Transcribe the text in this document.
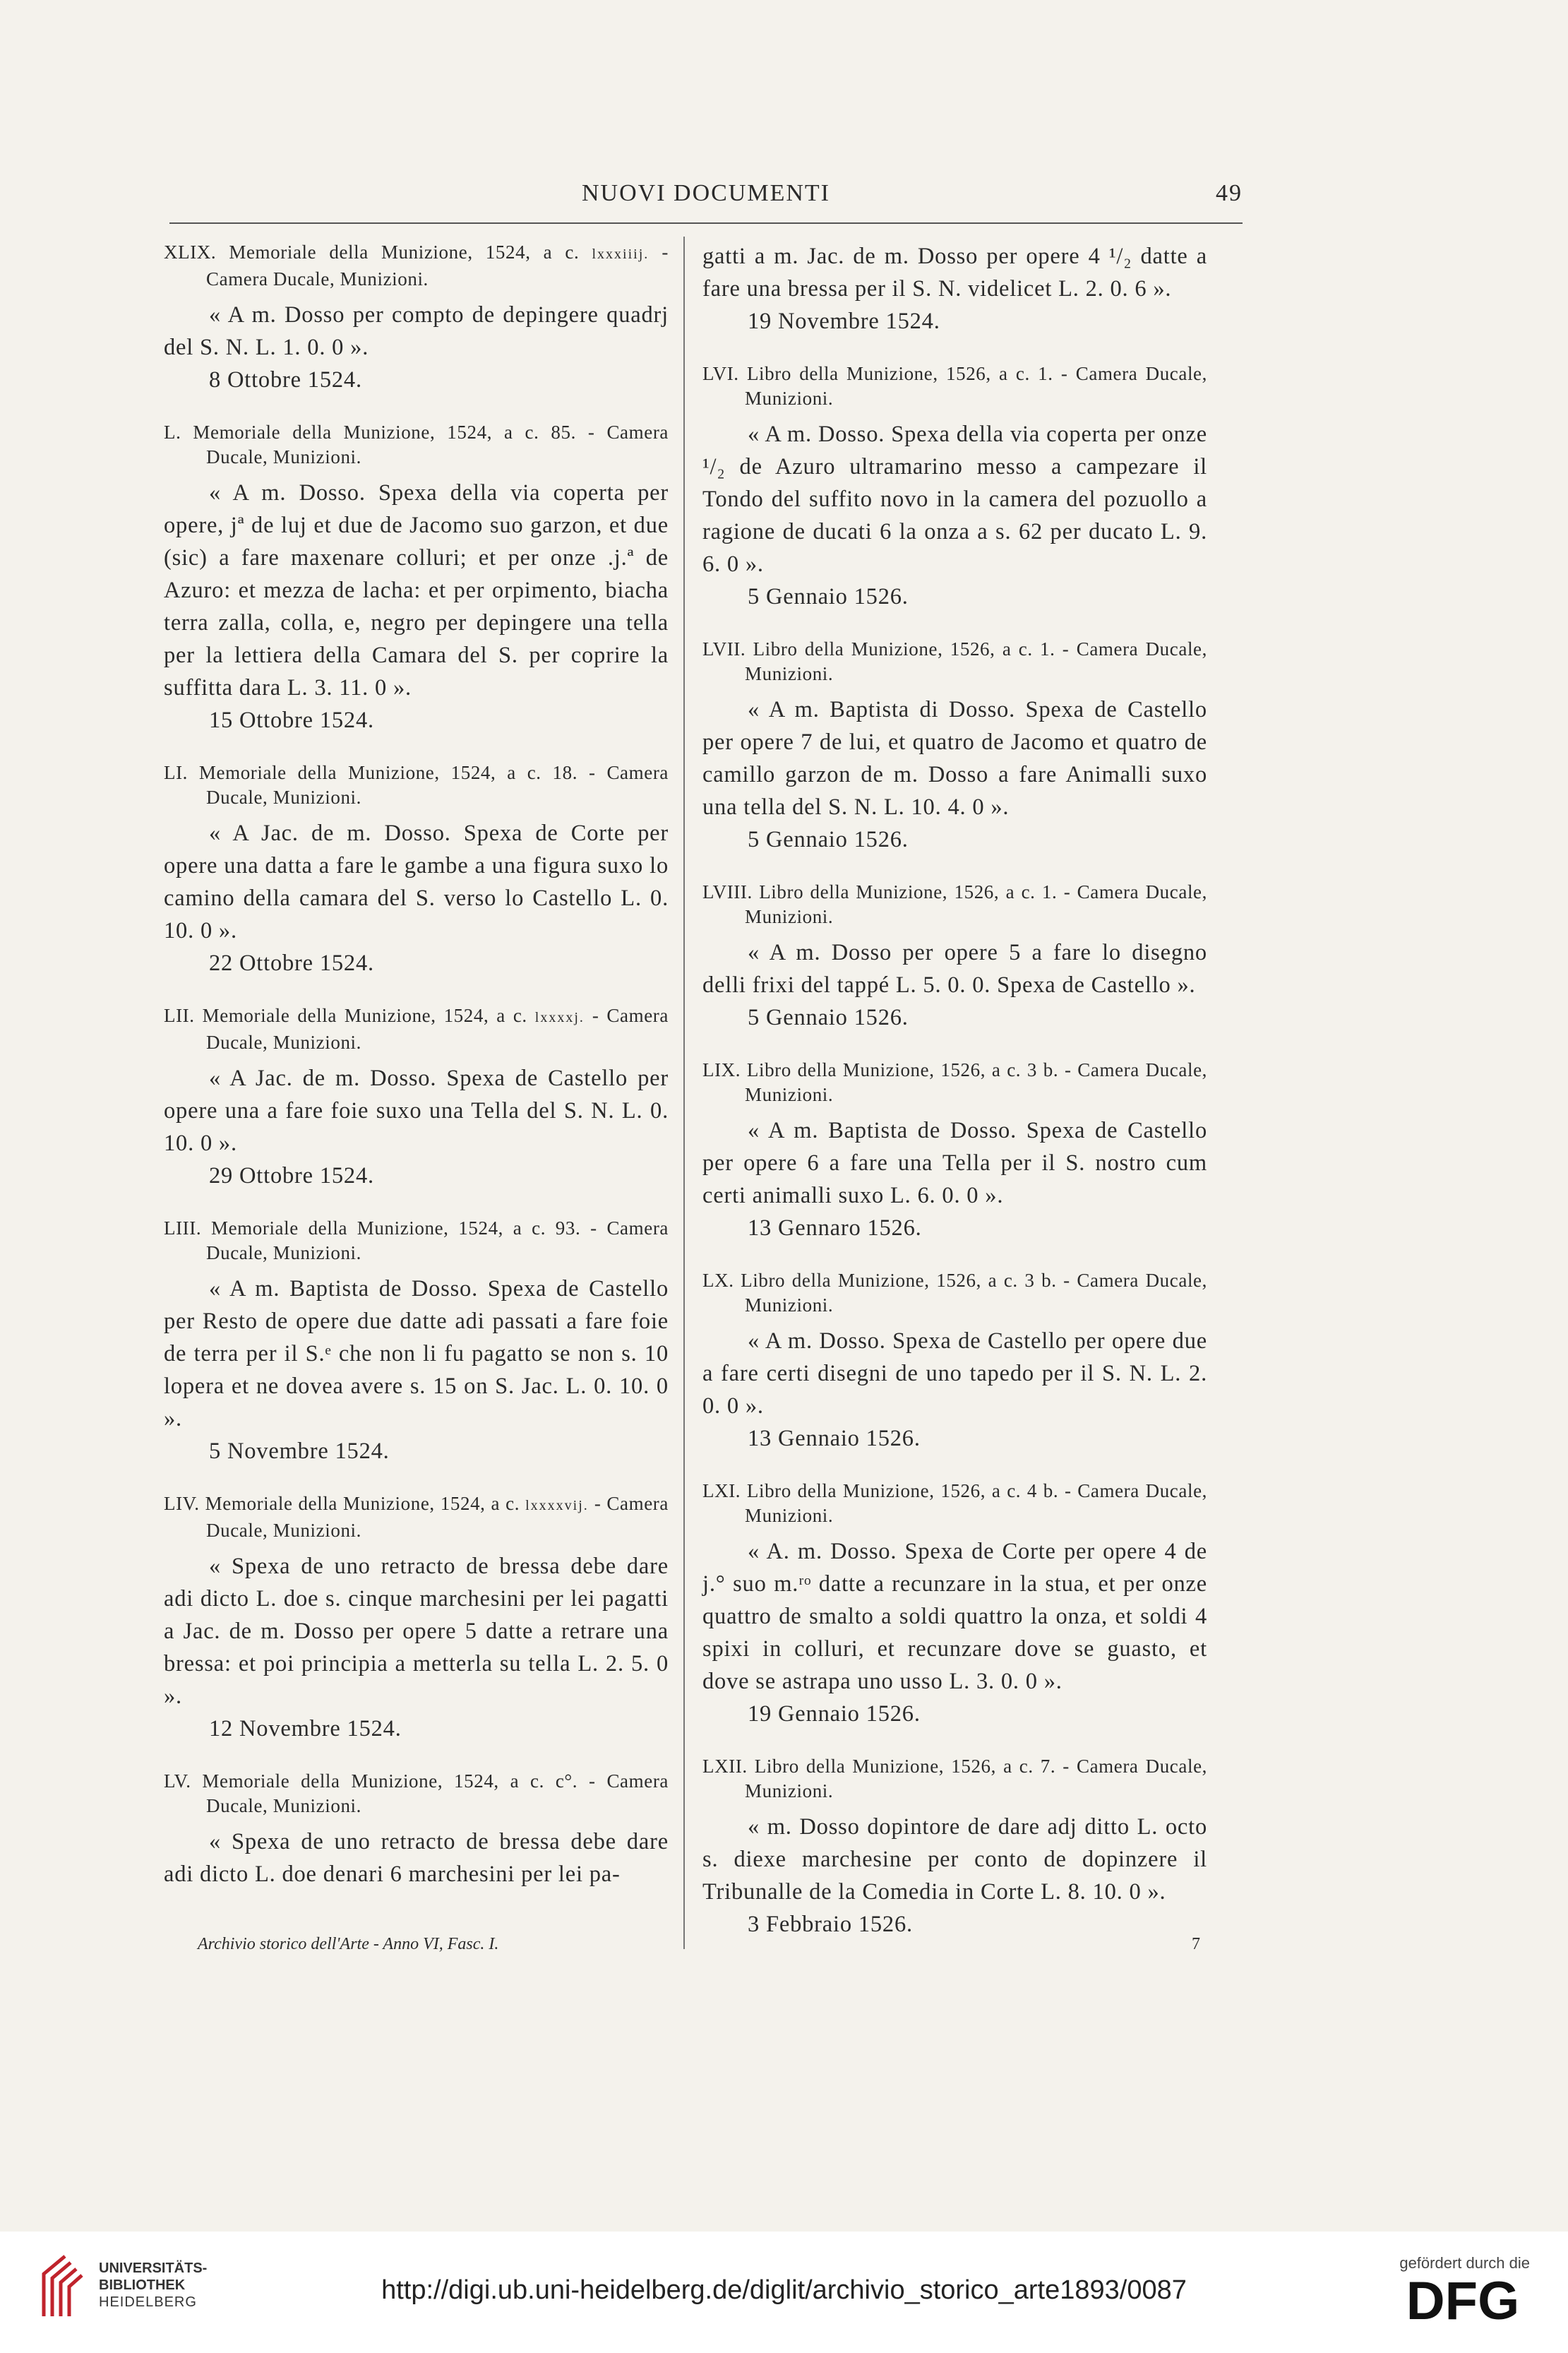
NUOVI DOCUMENTI	49

XLIX. Memoriale della Munizione, 1524, a c. lxxxiiij. - Camera Ducale, Munizioni.

« A m. Dosso per compto de depingere quadrj del S. N. L. 1. 0. 0 ».

8 Ottobre 1524.

L. Memoriale della Munizione, 1524, a c. 85. - Camera Ducale, Munizioni.

« A m. Dosso. Spexa della via coperta per opere, jª de luj et due de Jacomo suo garzon, et due (sic) a fare maxenare colluri; et per onze .j.ª de Azuro: et mezza de lacha: et per orpimento, biacha terra zalla, colla, e, negro per depingere una tella per la lettiera della Camara del S. per coprire la suffitta dara L. 3. 11. 0 ».

15 Ottobre 1524.

LI. Memoriale della Munizione, 1524, a c. 18. - Camera Ducale, Munizioni.

« A Jac. de m. Dosso. Spexa de Corte per opere una datta a fare le gambe a una figura suxo lo camino della camara del S. verso lo Castello L. 0. 10. 0 ».

22 Ottobre 1524.

LII. Memoriale della Munizione, 1524, a c. lxxxxj. - Camera Ducale, Munizioni.

« A Jac. de m. Dosso. Spexa de Castello per opere una a fare foie suxo una Tella del S. N. L. 0. 10. 0 ».

29 Ottobre 1524.

LIII. Memoriale della Munizione, 1524, a c. 93. - Camera Ducale, Munizioni.

« A m. Baptista de Dosso. Spexa de Castello per Resto de opere due datte adi passati a fare foie de terra per il S.ᵉ che non li fu pagatto se non s. 10 lopera et ne dovea avere s. 15 on S. Jac. L. 0. 10. 0 ».

5 Novembre 1524.

LIV. Memoriale della Munizione, 1524, a c. lxxxxvij. - Camera Ducale, Munizioni.

« Spexa de uno retracto de bressa debe dare adi dicto L. doe s. cinque marchesini per lei pagatti a Jac. de m. Dosso per opere 5 datte a retrare una bressa: et poi principia a metterla su tella L. 2. 5. 0 ».

12 Novembre 1524.

LV. Memoriale della Munizione, 1524, a c. c°. - Camera Ducale, Munizioni.

« Spexa de uno retracto de bressa debe dare adi dicto L. doe denari 6 marchesini per lei pa-

gatti a m. Jac. de m. Dosso per opere 4 ¹/₂ datte a fare una bressa per il S. N. videlicet L. 2. 0. 6 ».

19 Novembre 1524.

LVI. Libro della Munizione, 1526, a c. 1. - Camera Ducale, Munizioni.

« A m. Dosso. Spexa della via coperta per onze ¹/₂ de Azuro ultramarino messo a campezare il Tondo del suffito novo in la camera del pozuollo a ragione de ducati 6 la onza a s. 62 per ducato L. 9. 6. 0 ».

5 Gennaio 1526.

LVII. Libro della Munizione, 1526, a c. 1. - Camera Ducale, Munizioni.

« A m. Baptista di Dosso. Spexa de Castello per opere 7 de lui, et quatro de Jacomo et quatro de camillo garzon de m. Dosso a fare Animalli suxo una tella del S. N. L. 10. 4. 0 ».

5 Gennaio 1526.

LVIII. Libro della Munizione, 1526, a c. 1. - Camera Ducale, Munizioni.

« A m. Dosso per opere 5 a fare lo disegno delli frixi del tappé L. 5. 0. 0. Spexa de Castello ».

5 Gennaio 1526.

LIX. Libro della Munizione, 1526, a c. 3 b. - Camera Ducale, Munizioni.

« A m. Baptista de Dosso. Spexa de Castello per opere 6 a fare una Tella per il S. nostro cum certi animalli suxo L. 6. 0. 0 ».

13 Gennaro 1526.

LX. Libro della Munizione, 1526, a c. 3 b. - Camera Ducale, Munizioni.

« A m. Dosso. Spexa de Castello per opere due a fare certi disegni de uno tapedo per il S. N. L. 2. 0. 0 ».

13 Gennaio 1526.

LXI. Libro della Munizione, 1526, a c. 4 b. - Camera Ducale, Munizioni.

« A. m. Dosso. Spexa de Corte per opere 4 de j.° suo m.ʳᵒ datte a recunzare in la stua, et per onze quattro de smalto a soldi quattro la onza, et soldi 4 spixi in colluri, et recunzare dove se guasto, et dove se astrapa uno usso L. 3. 0. 0 ».

19 Gennaio 1526.

LXII. Libro della Munizione, 1526, a c. 7. - Camera Ducale, Munizioni.

« m. Dosso dopintore de dare adj ditto L. octo s. diexe marchesine per conto de dopinzere il Tribunalle de la Comedia in Corte L. 8. 10. 0 ».

3 Febbraio 1526.

Archivio storico dell'Arte - Anno VI, Fasc. I.	7
UNIVERSITÄTS-
BIBLIOTHEK
HEIDELBERG	http://digi.ub.uni-heidelberg.de/diglit/archivio_storico_arte1893/0087
gefördert durch die
DFG
